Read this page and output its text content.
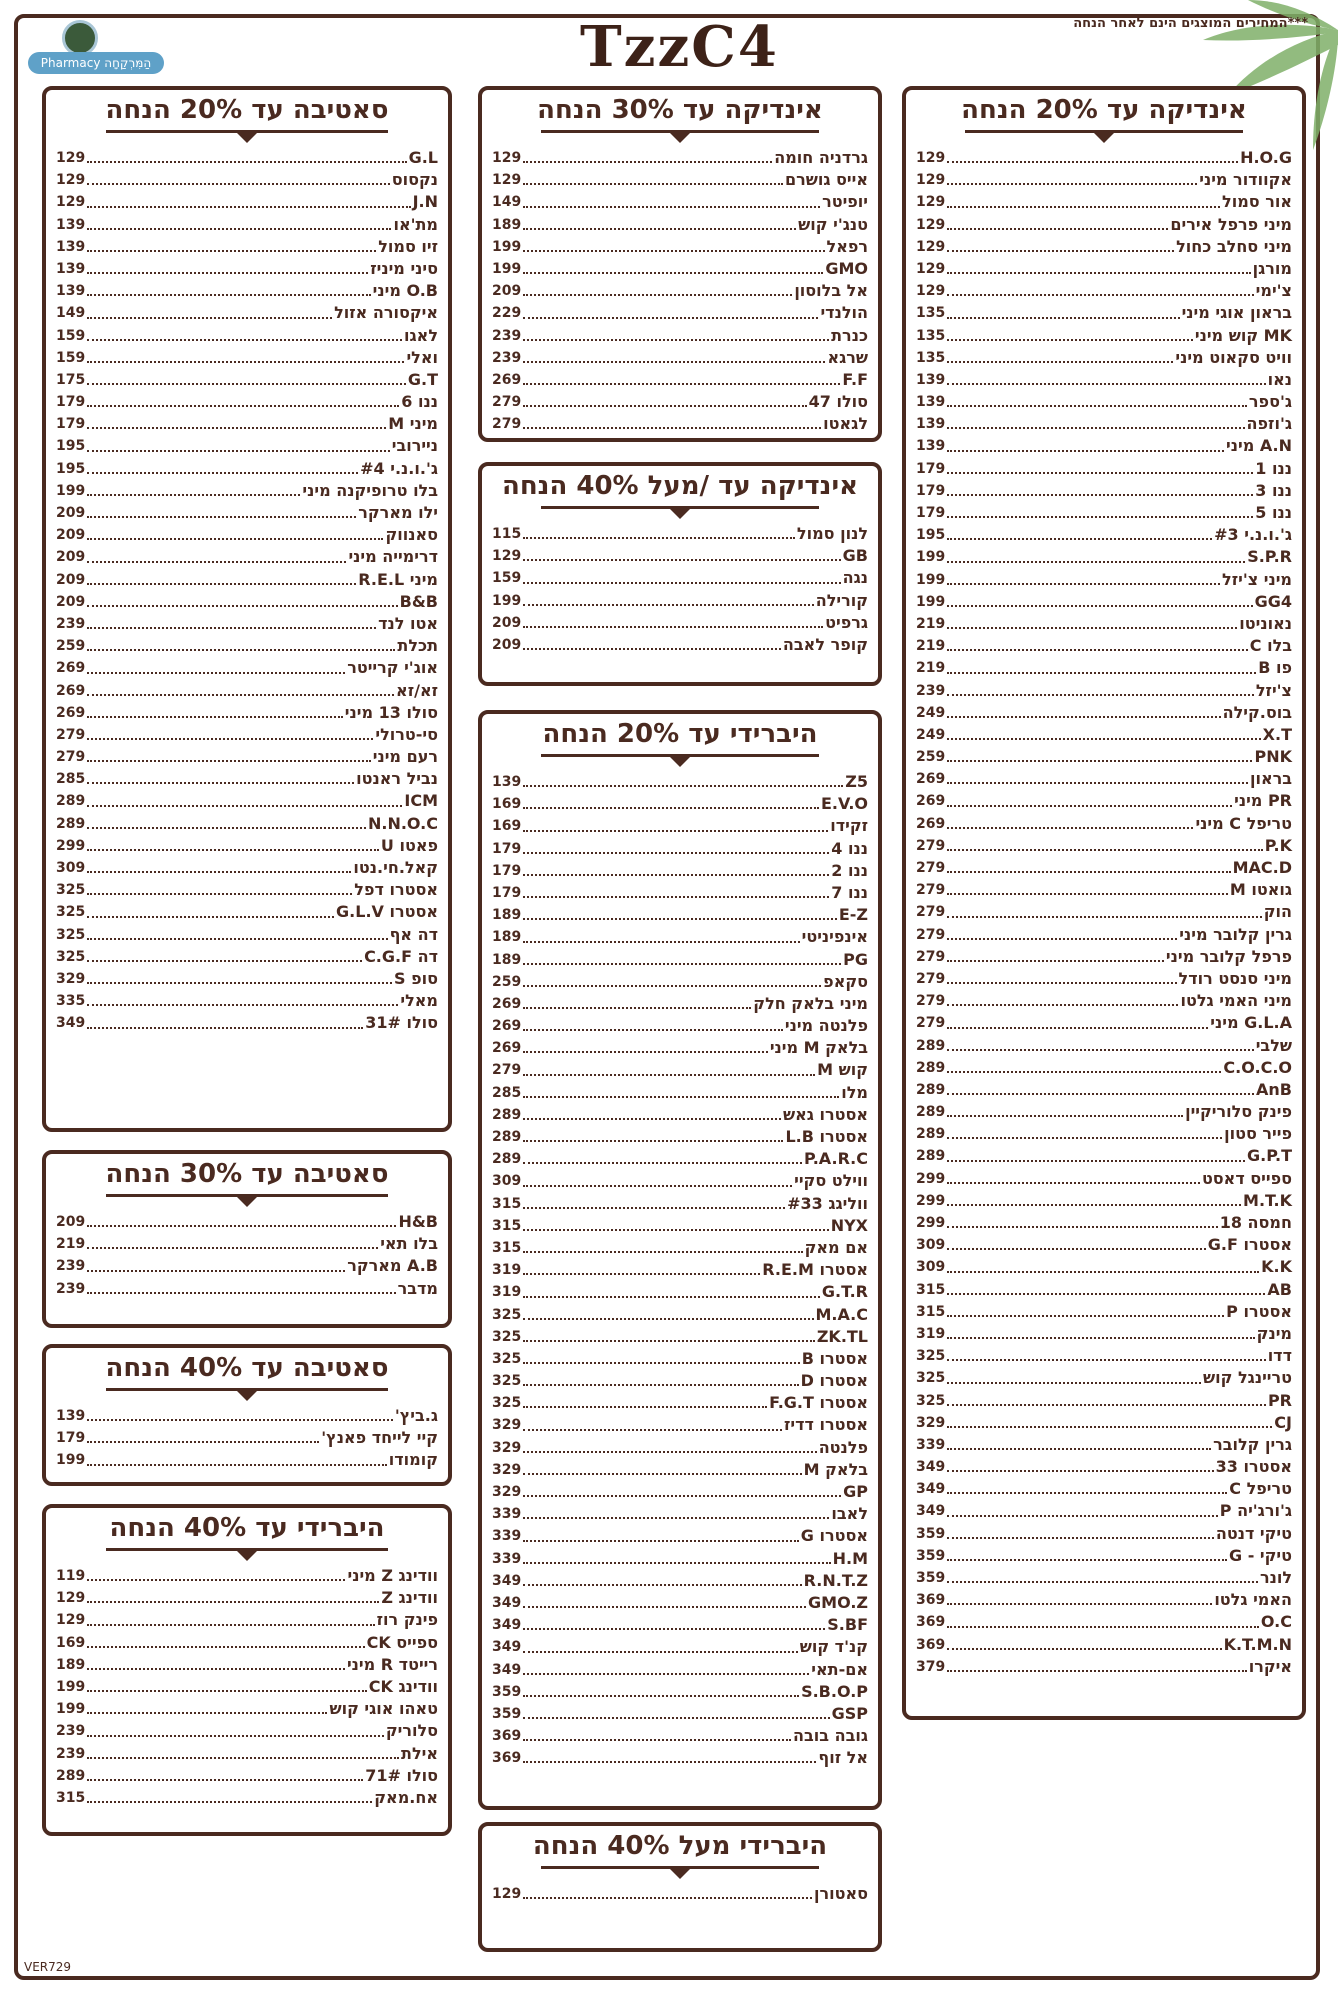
***המחירים המוצגים הינם לאחר הנחה
Pharmacy הַמִּרְקַחָה	TzzC4
אינדיקה עד 20% הנחה
H.O.G
129
אקוודור מיני
129
אור סמול
129
מיני פרפל אירים
129
מיני סחלב כחול
129
מורגן
129
צ'ימי
129
בראון אוגי מיני
135
MK קוש מיני
135
וויט סקאוט מיני
135
נאו
139
ג'ספר
139
ג'וזפה
139
A.N מיני
139
ננו 1
179
ננו 3
179
ננו 5
179
ג'.ו.נ.י #3
195
S.P.R
199
מיני צ'יזל
199
GG4
199
נאוניטו
219
בלו C
219
פו B
219
צ'יזל
239
בוס.קילה
249
X.T
249
PNK
259
בראון
269
PR מיני
269
טריפל C מיני
269
P.K
279
MAC.D
279
גואטו M
279
הוק
279
גרין קלובר מיני
279
פרפל קלובר מיני
279
מיני סנסט רודל
279
מיני האמי גלטו
279
G.L.A מיני
279
שלבי
289
C.O.C.O
289
AnB
289
פינק סלוריקיין
289
פייר סטון
289
G.P.T
289
ספייס דאסט
299
M.T.K
299
חמסה 18
299
אסטרו G.F
309
K.K
309
AB
315
אסטרו P
315
מינק
319
דדו
325
טריינגל קוש
325
PR
325
CJ
329
גרין קלובר
339
אסטרו 33
349
טריפל C
349
ג'ורג'יה P
349
טיקי דנטה
359
טיקי - G
359
לונר
359
האמי גלטו
369
O.C
369
K.T.M.N
369
איקרו
379
אינדיקה עד 30% הנחה
גרדניה חומה
129
אייס גושרם
129
יופיטר
149
טנג'י קוש
189
רפאל
199
GMO
199
אל בלוסון
209
הולנדי
229
כנרת
239
שרגא
239
F.F
269
סולו 47
279
לגאטו
279
אינדיקה עד /מעל 40% הנחה
לנון סמול
115
GB
129
נגה
159
קורילה
199
גרפיט
209
קופר לאבה
209
היברידי עד 20% הנחה
Z5
139
E.V.O
169
זקידו
169
ננו 4
179
ננו 2
179
ננו 7
179
E-Z
189
אינפיניטי
189
PG
189
סקאפ
259
מיני בלאק חלק
269
פלנטה מיני
269
בלאק M מיני
269
קוש M
279
מלו
285
אסטרו גאש
289
אסטרו L.B
289
P.A.R.C
289
ווילט סקיי
309
ווליגג #33
315
NYX
315
אם מאק
315
אסטרו R.E.M
319
G.T.R
319
M.A.C
325
ZK.TL
325
אסטרו B
325
אסטרו D
325
אסטרו F.G.T
325
אסטרו דדיז
329
פלנטה
329
בלאק M
329
GP
329
לאבו
339
אסטרו G
339
H.M
339
R.N.T.Z
349
GMO.Z
349
S.BF
349
קנ'ד קוש
349
אם-תאי
349
S.B.O.P
359
GSP
359
גובה בובה
369
אל זוף
369
היברידי מעל 40% הנחה
סאטורן
129
סאטיבה עד 20% הנחה
G.L
129
נקסוס
129
J.N
129
מת'או
139
זיו סמול
139
סיני מיניז
139
O.B מיני
139
איקסורה אזול
149
לאגו
159
ואלי
159
G.T
175
ננו 6
179
מיני M
179
ניירובי
195
ג'.ו.נ.י #4
195
בלו טרופיקנה מיני
199
ילו מארקר
209
סאנווק
209
דרימייה מיני
209
מיני R.E.L
209
B&B
209
אטו לנד
239
תכלת
259
אוג'י קרייטר
269
זא/זא
269
סולו 13 מיני
269
סי-טרולי
279
רעם מיני
279
נביל ראנטו
285
ICM
289
N.N.O.C
289
פאטו U
299
קאל.חי.נטו
309
אסטרו דפל
325
אסטרו G.L.V
325
דה אף
325
דה C.G.F
325
סופ S
329
מאלי
335
סולו 31#
349
סאטיבה עד 30% הנחה
H&B
209
בלו תאי
219
A.B מארקר
239
מדבר
239
סאטיבה עד 40% הנחה
ג.ביץ'
139
קיי לייחד פאנץ'
179
קומודו
199
היברידי עד 40% הנחה
וודינג Z מיני
119
וודינג Z
129
פינק רוז
129
ספייס CK
169
רייטד R מיני
189
וודינג CK
199
טאהו אוגי קוש
199
סלוריק
239
אילת
239
סולו 71#
289
אח.מאק
315
VER729
